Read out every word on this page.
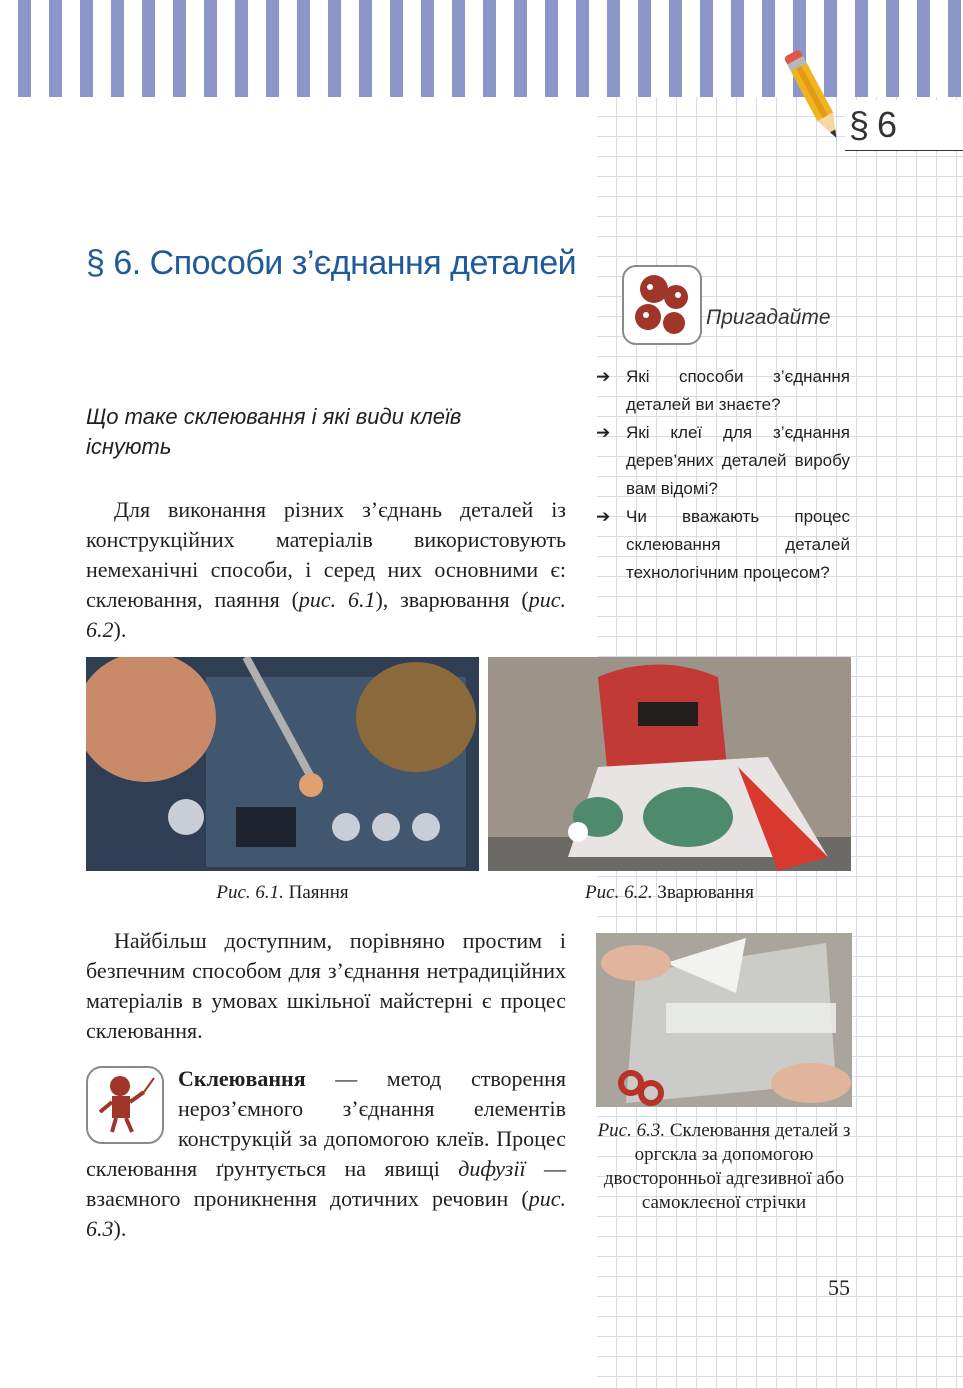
§ 6
§ 6. Способи з’єднання деталей
Пригадайте
➔ Які способи з’єднання деталей ви знаєте?
➔ Які клеї для з’єднання дерев’яних деталей виробу вам відомі?
➔ Чи вважають процес склеювання деталей технологічним процесом?
Що таке склеювання і які види клеїв існують
Для виконання різних з’єднань деталей із конструкційних матеріалів використовують немеханічні способи, і серед них основними є: склеювання, паяння (рис. 6.1), зварювання (рис. 6.2).
Рис. 6.1. Паяння	Рис. 6.2. Зварювання
Найбільш доступним, порівняно простим і безпечним способом для з’єднання нетрадиційних матеріалів в умовах шкільної майстерні є процес склеювання.
Рис. 6.3. Склеювання деталей з оргскла за допомогою двосторонньої адгезивної або самоклеєної стрічки
Склеювання — метод створення нероз’ємного з’єднання елементів конструкцій за допомогою клеїв. Процес склеювання ґрунтується на явищі дифузії — взаємного проникнення дотичних речовин (рис. 6.3).
55
